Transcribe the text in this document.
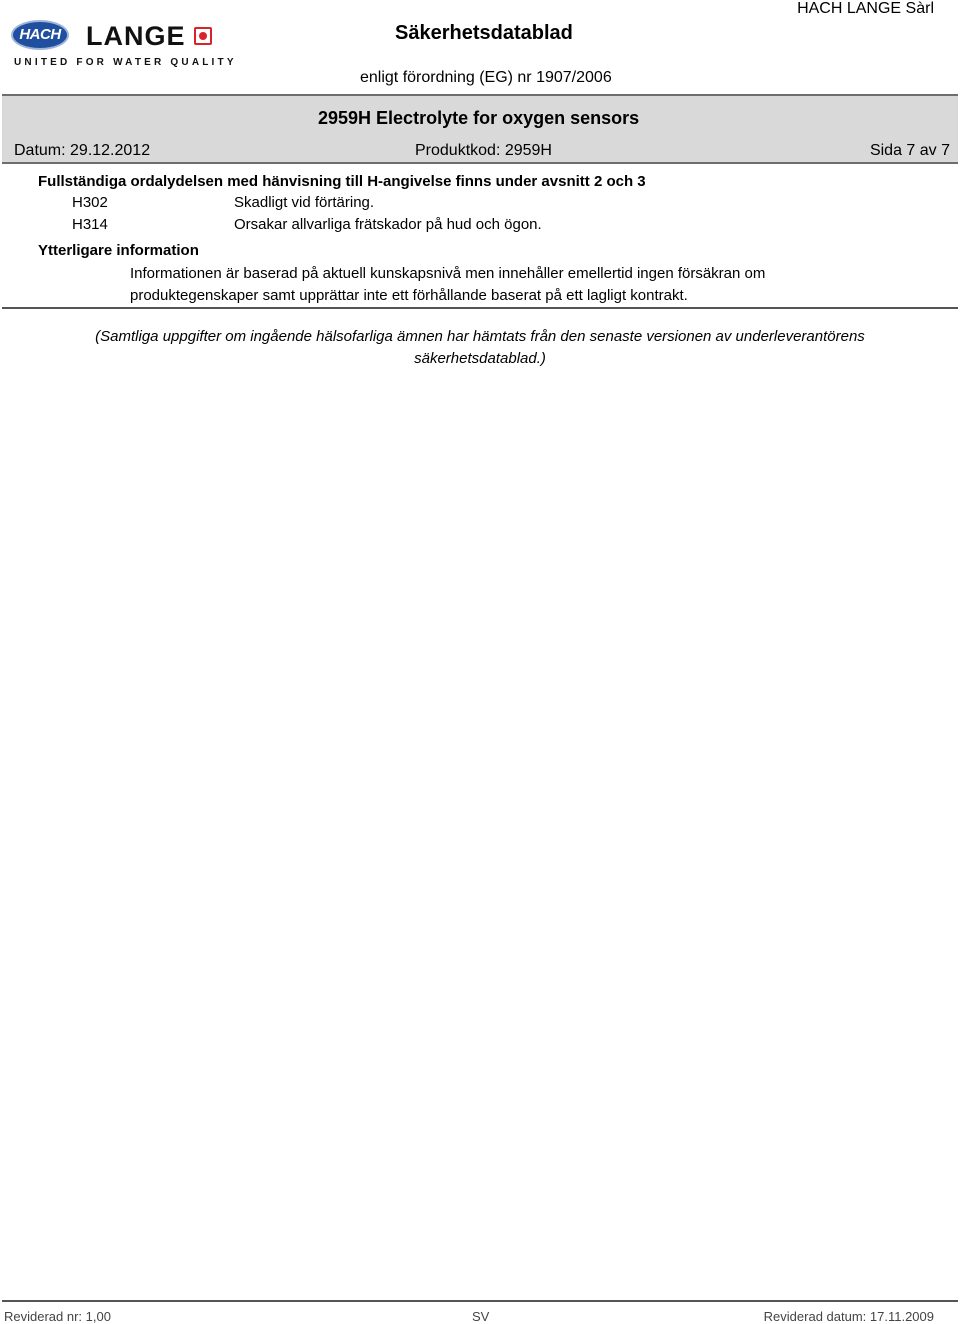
HACH LANGE
UNITED FOR WATER QUALITY
Säkerhetsdatablad
HACH LANGE Sàrl
enligt förordning (EG) nr 1907/2006
2959H Electrolyte for oxygen sensors
Datum: 29.12.2012	Produktkod: 2959H	Sida 7 av 7
Fullständiga ordalydelsen med hänvisning till H-angivelse finns under avsnitt 2 och 3
H302	Skadligt vid förtäring.
H314	Orsakar allvarliga frätskador på hud och ögon.
Ytterligare information
Informationen är baserad på aktuell kunskapsnivå men innehåller emellertid ingen försäkran om produktegenskaper samt upprättar inte ett förhållande baserat på ett lagligt kontrakt.
(Samtliga uppgifter om ingående hälsofarliga ämnen har hämtats från den senaste versionen av underleverantörens säkerhetsdatablad.)
Reviderad nr: 1,00	SV	Reviderad datum: 17.11.2009
